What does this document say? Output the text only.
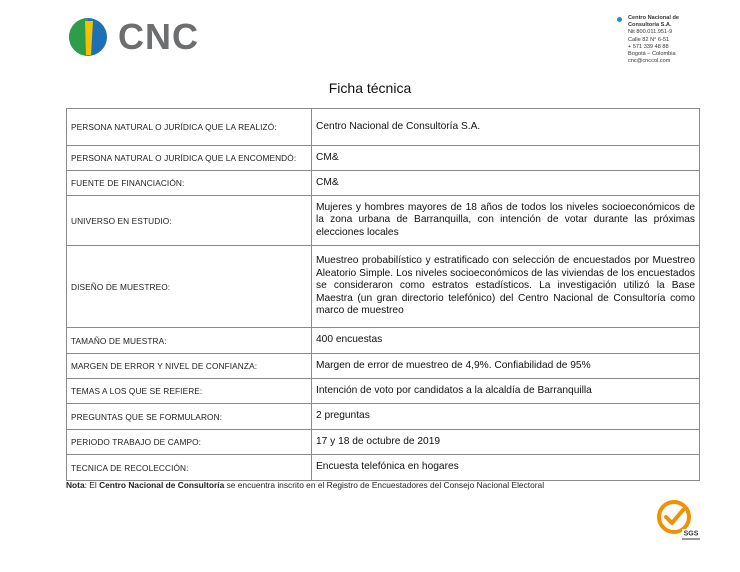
CNC	Centro Nacional de
Consultoría S.A.
Nit 800.011.951-9
Calle 82 N° 6-51
+ 571 339 48 88
Bogotá – Colombia
cnc@cnccol.com
Ficha técnica
PERSONA NATURAL O JURÍDICA QUE LA REALIZÓ:	Centro Nacional de Consultoría S.A.
PERSONA NATURAL O JURÍDICA QUE LA ENCOMENDÓ:	CM&
FUENTE DE FINANCIACIÓN:	CM&
UNIVERSO EN ESTUDIO:	Mujeres y hombres mayores de 18 años de todos los niveles socioeconómicos de la zona urbana de Barranquilla, con intención de votar durante las próximas elecciones locales
DISEÑO DE MUESTREO:	Muestreo probabilístico y estratificado con selección de encuestados por Muestreo Aleatorio Simple. Los niveles socioeconómicos de las viviendas de los encuestados se consideraron como estratos estadísticos. La investigación utilizó la Base Maestra (un gran directorio telefónico) del Centro Nacional de Consultoría como marco de muestreo
TAMAÑO DE MUESTRA:	400 encuestas
MARGEN DE ERROR Y NIVEL DE CONFIANZA:	Margen de error de muestreo de 4,9%. Confiabilidad de 95%
TEMAS A LOS QUE SE REFIERE:	Intención de voto por candidatos a la alcaldía de Barranquilla
PREGUNTAS QUE SE FORMULARON:	2 preguntas
PERIODO TRABAJO DE CAMPO:	17 y 18 de octubre de 2019
TECNICA DE RECOLECCIÓN:	Encuesta telefónica en hogares
Nota: El Centro Nacional de Consultoría se encuentra inscrito en el Registro de Encuestadores del Consejo Nacional Electoral
SGS
